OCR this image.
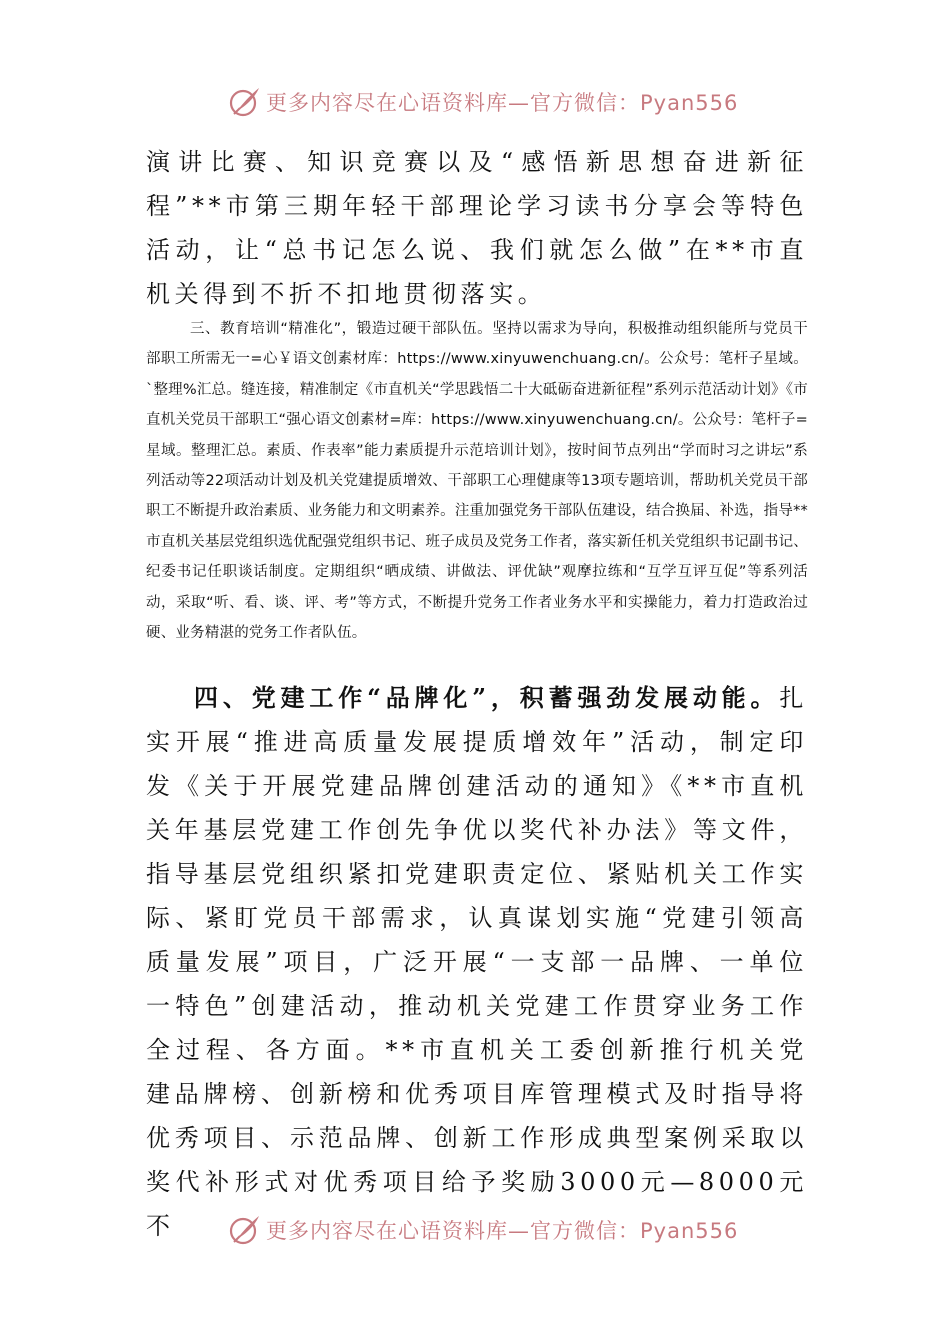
更多内容尽在心语资料库—官方微信：Pyan556

演讲比赛、知识竞赛以及“感悟新思想奋进新征程”**市第三期年轻干部理论学习读书分享会等特色活动，让“总书记怎么说、我们就怎么做”在**市直机关得到不折不扣地贯彻落实。

三、教育培训“精准化”，锻造过硬干部队伍。坚持以需求为导向，积极推动组织能所与党员干部职工所需无一=心￥语文创素材库：https://www.xinyuwenchuang.cn/。公众号：笔杆子星域。`整理%汇总。缝连接，精准制定《市直机关“学思践悟二十大砥砺奋进新征程”系列示范活动计划》《市直机关党员干部职工“强心语文创素材=库：https://www.xinyuwenchuang.cn/。公众号：笔杆子=星域。整理汇总。素质、作表率”能力素质提升示范培训计划》，按时间节点列出“学而时习之讲坛”系列活动等22项活动计划及机关党建提质增效、干部职工心理健康等13项专题培训，帮助机关党员干部职工不断提升政治素质、业务能力和文明素养。注重加强党务干部队伍建设，结合换届、补选，指导**市直机关基层党组织选优配强党组织书记、班子成员及党务工作者，落实新任机关党组织书记副书记、纪委书记任职谈话制度。定期组织“晒成绩、讲做法、评优缺”观摩拉练和“互学互评互促”等系列活动，采取“听、看、谈、评、考”等方式，不断提升党务工作者业务水平和实操能力，着力打造政治过硬、业务精湛的党务工作者队伍。

四、党建工作“品牌化”，积蓄强劲发展动能。扎实开展“推进高质量发展提质增效年”活动，制定印发《关于开展党建品牌创建活动的通知》《**市直机关年基层党建工作创先争优以奖代补办法》等文件，指导基层党组织紧扣党建职责定位、紧贴机关工作实际、紧盯党员干部需求，认真谋划实施“党建引领高质量发展”项目，广泛开展“一支部一品牌、一单位一特色”创建活动，推动机关党建工作贯穿业务工作全过程、各方面。**市直机关工委创新推行机关党建品牌榜、创新榜和优秀项目库管理模式及时指导将优秀项目、示范品牌、创新工作形成典型案例采取以奖代补形式对优秀项目给予奖励3000元—8000元不	更多内容尽在心语资料库—官方微信：Pyan556
